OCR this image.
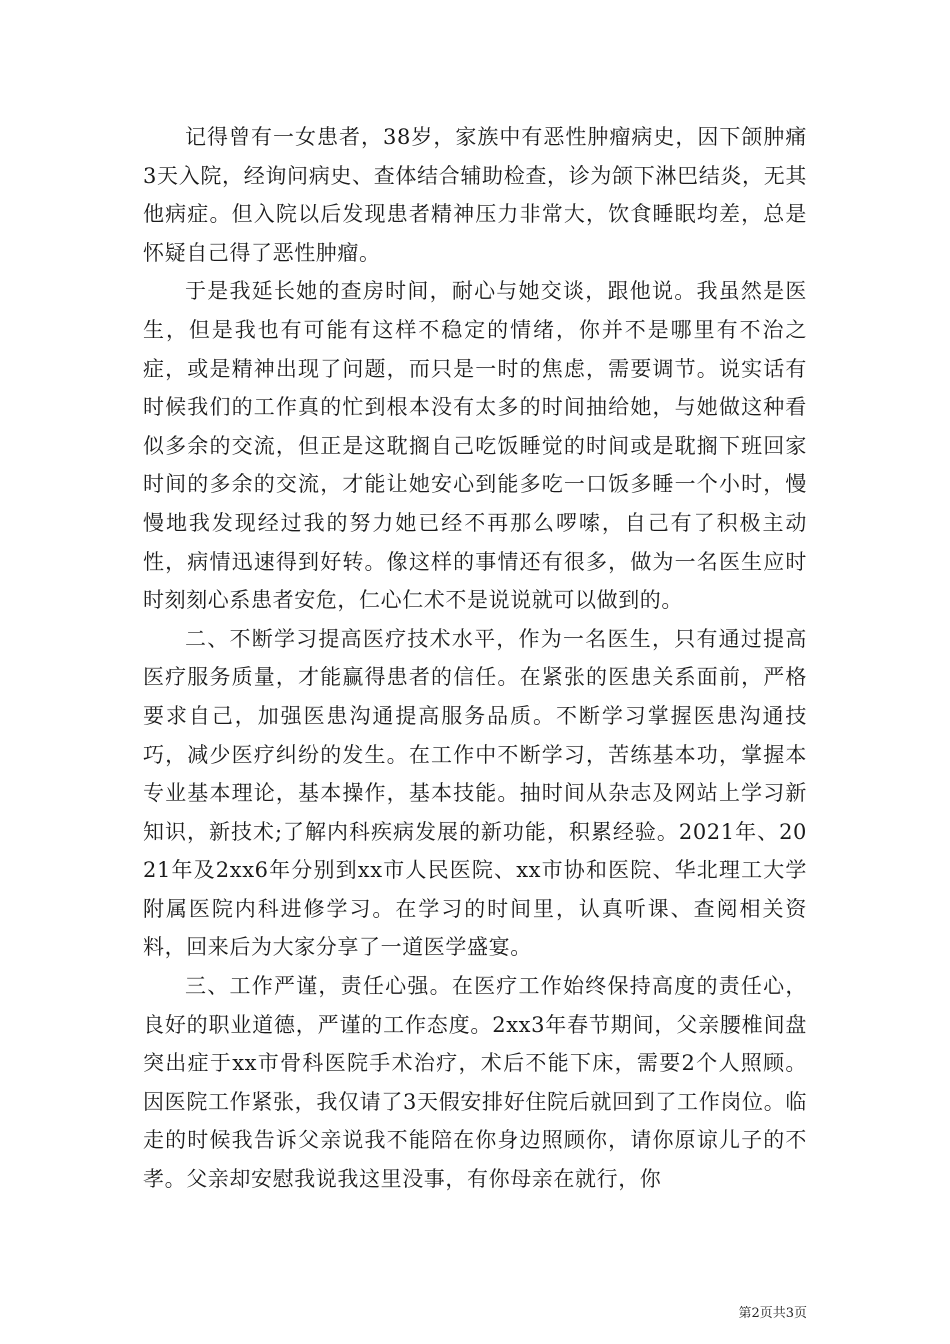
记得曾有一女患者，38岁，家族中有恶性肿瘤病史，因下颌肿痛3天入院，经询问病史、查体结合辅助检查，诊为颌下淋巴结炎，无其他病症。但入院以后发现患者精神压力非常大，饮食睡眠均差，总是怀疑自己得了恶性肿瘤。

于是我延长她的查房时间，耐心与她交谈，跟他说。我虽然是医生，但是我也有可能有这样不稳定的情绪，你并不是哪里有不治之症，或是精神出现了问题，而只是一时的焦虑，需要调节。说实话有时候我们的工作真的忙到根本没有太多的时间抽给她，与她做这种看似多余的交流，但正是这耽搁自己吃饭睡觉的时间或是耽搁下班回家时间的多余的交流，才能让她安心到能多吃一口饭多睡一个小时，慢慢地我发现经过我的努力她已经不再那么啰嗦，自己有了积极主动性，病情迅速得到好转。像这样的事情还有很多，做为一名医生应时时刻刻心系患者安危，仁心仁术不是说说就可以做到的。

二、不断学习提高医疗技术水平，作为一名医生，只有通过提高医疗服务质量，才能赢得患者的信任。在紧张的医患关系面前，严格要求自己，加强医患沟通提高服务品质。不断学习掌握医患沟通技巧，减少医疗纠纷的发生。在工作中不断学习，苦练基本功，掌握本专业基本理论，基本操作，基本技能。抽时间从杂志及网站上学习新知识，新技术;了解内科疾病发展的新功能，积累经验。2021年、2021年及2xx6年分别到xx市人民医院、xx市协和医院、华北理工大学附属医院内科进修学习。在学习的时间里，认真听课、查阅相关资料，回来后为大家分享了一道医学盛宴。

三、工作严谨，责任心强。在医疗工作始终保持高度的责任心，良好的职业道德，严谨的工作态度。2xx3年春节期间，父亲腰椎间盘突出症于xx市骨科医院手术治疗，术后不能下床，需要2个人照顾。因医院工作紧张，我仅请了3天假安排好住院后就回到了工作岗位。临走的时候我告诉父亲说我不能陪在你身边照顾你，请你原谅儿子的不孝。父亲却安慰我说我这里没事，有你母亲在就行，你

第2页共3页
